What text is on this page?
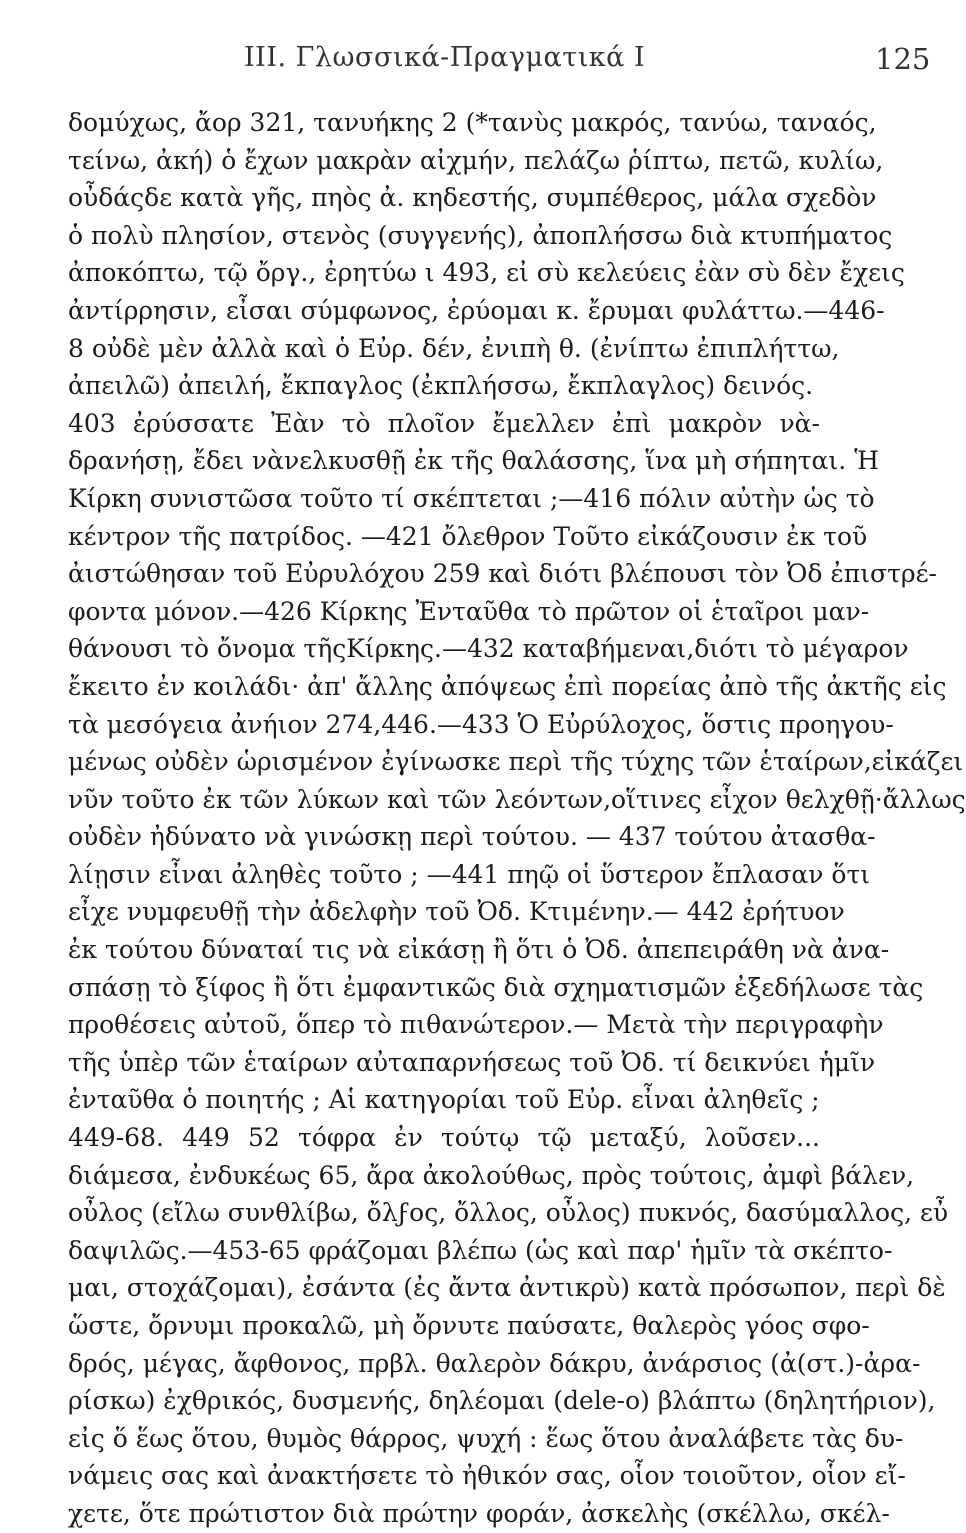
III. Γλωσσικά-Πραγματικά I	125
δομύχως, ἄορ 321, τανυήκης 2 (*τανὺς μακρός, τανύω, ταναός,
τείνω, ἀκή) ὁ ἔχων μακρὰν αἰχμήν, πελάζω ῥίπτω, πετῶ, κυλίω,
οὖδάςδε κατὰ γῆς, πηὸς ἀ. κηδεστής, συμπέθερος, μάλα σχεδὸν
ὁ πολὺ πλησίον, στενὸς (συγγενής), ἀποπλήσσω διὰ κτυπήματος
ἀποκόπτω, τῷ ὄργ., ἐρητύω ι 493, εἰ σὺ κελεύεις ἐὰν σὺ δὲν ἔχεις
ἀντίρρησιν, εἶσαι σύμφωνος, ἐρύομαι κ. ἔρυμαι φυλάττω.—446-
8 οὐδὲ μὲν ἀλλὰ καὶ ὁ Εὐρ. δέν, ἐνιπὴ θ. (ἐνίπτω ἐπιπλήττω,
ἀπειλῶ) ἀπειλή, ἔκπαγλος (ἐκπλήσσω, ἔκπλαγλος) δεινός.
403 ἐρύσσατε Ἐὰν τὸ πλοῖον ἔμελλεν ἐπὶ μακρὸν νὰ-
δρανήσῃ, ἔδει νὰνελκυσθῇ ἐκ τῆς θαλάσσης, ἵνα μὴ σήπηται. Ἡ
Κίρκη συνιστῶσα τοῦτο τί σκέπτεται ;—416 πόλιν αὐτὴν ὡς τὸ
κέντρον τῆς πατρίδος. —421 ὄλεθρον Τοῦτο εἰκάζουσιν ἐκ τοῦ
ἀιστώθησαν τοῦ Εὐρυλόχου 259 καὶ διότι βλέπουσι τὸν Ὀδ ἐπιστρέ-
φοντα μόνον.—426 Κίρκης Ἐνταῦθα τὸ πρῶτον οἱ ἑταῖροι μαν-
θάνουσι τὸ ὄνομα τῆςΚίρκης.—432 καταβήμεναι,διότι τὸ μέγαρον
ἔκειτο ἐν κοιλάδι· ἀπ' ἄλλης ἀπόψεως ἐπὶ πορείας ἀπὸ τῆς ἀκτῆς εἰς
τὰ μεσόγεια ἀνήιον 274,446.—433 Ὁ Εὐρύλοχος, ὅστις προηγου-
μένως οὐδὲν ὡρισμένον ἐγίνωσκε περὶ τῆς τύχης τῶν ἑταίρων,εἰκάζει
νῦν τοῦτο ἐκ τῶν λύκων καὶ τῶν λεόντων,οἵτινες εἶχον θελχθῇ·ἄλλως
οὐδὲν ἠδύνατο νὰ γινώσκῃ περὶ τούτου. — 437 τούτου ἀτασθα-
λίῃσιν εἶναι ἀληθὲς τοῦτο ; —441 πηῷ οἱ ὕστερον ἔπλασαν ὅτι
εἶχε νυμφευθῇ τὴν ἀδελφὴν τοῦ Ὀδ. Κτιμένην.— 442 ἐρήτυον
ἐκ τούτου δύναταί τις νὰ εἰκάσῃ ἢ ὅτι ὁ Ὀδ. ἀπεπειράθη νὰ ἀνα-
σπάσῃ τὸ ξίφος ἢ ὅτι ἐμφαντικῶς διὰ σχηματισμῶν ἐξεδήλωσε τὰς
προθέσεις αὐτοῦ, ὅπερ τὸ πιθανώτερον.— Μετὰ τὴν περιγραφὴν
τῆς ὑπὲρ τῶν ἑταίρων αὐταπαρνήσεως τοῦ Ὀδ. τί δεικνύει ἡμῖν
ἐνταῦθα ὁ ποιητής ; Αἱ κατηγορίαι τοῦ Εὐρ. εἶναι ἀληθεῖς ;
449-68. 449 52 τόφρα ἐν τούτῳ τῷ μεταξύ, λοῦσεν...
διάμεσα, ἐνδυκέως 65, ἄρα ἀκολούθως, πρὸς τούτοις, ἀμφὶ βάλεν,
οὖλος (εἴλω συνθλίβω, ὄλϝος, ὄλλος, οὖλος) πυκνός, δασύμαλλος, εὖ
δαψιλῶς.—453-65 φράζομαι βλέπω (ὡς καὶ παρ' ἡμῖν τὰ σκέπτο-
μαι, στοχάζομαι), ἐσάντα (ἐς ἄντα ἀντικρὺ) κατὰ πρόσωπον, περὶ δὲ
ὥστε, ὄρνυμι προκαλῶ, μὴ ὄρνυτε παύσατε, θαλερὸς γόος σφο-
δρός, μέγας, ἄφθονος, πρβλ. θαλερὸν δάκρυ, ἀνάρσιος (ἀ(στ.)-ἀρα-
ρίσκω) ἐχθρικός, δυσμενής, δηλέομαι (dele-o) βλάπτω (δηλητήριον),
εἰς ὅ ἕως ὅτου, θυμὸς θάρρος, ψυχή : ἕως ὅτου ἀναλάβετε τὰς δυ-
νάμεις σας καὶ ἀνακτήσετε τὸ ἠθικόν σας, οἷον τοιοῦτον, οἷον εἴ-
χετε, ὅτε πρώτιστον διὰ πρώτην φοράν, ἀσκελὴς (σκέλλω, σκέλ-
